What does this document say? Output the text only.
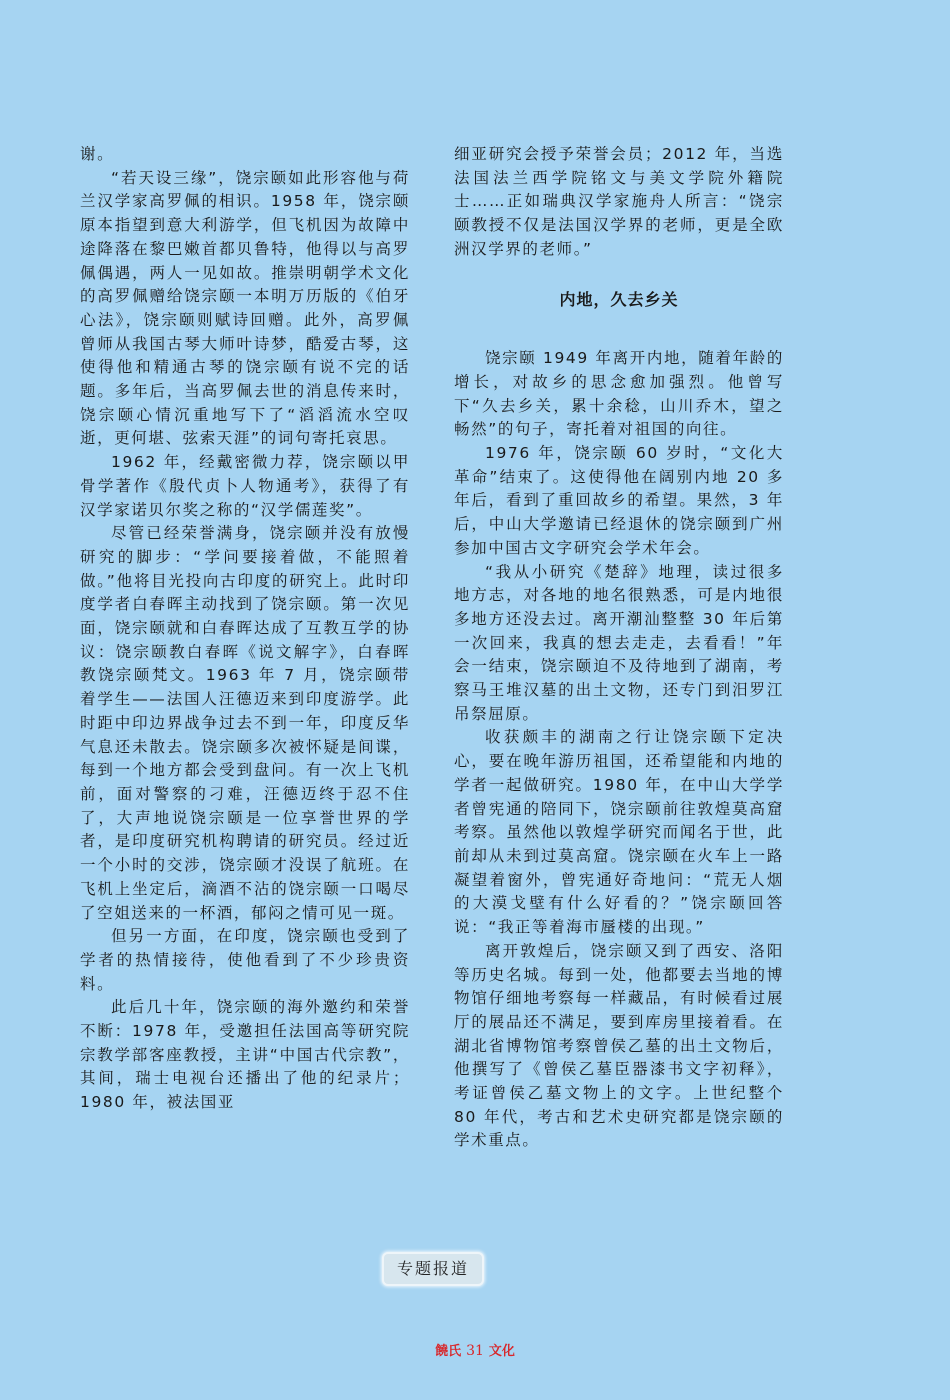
谢。

“若天设三缘”，饶宗颐如此形容他与荷兰汉学家高罗佩的相识。1958 年，饶宗颐原本指望到意大利游学，但飞机因为故障中途降落在黎巴嫩首都贝鲁特，他得以与高罗佩偶遇，两人一见如故。推崇明朝学术文化的高罗佩赠给饶宗颐一本明万历版的《伯牙心法》，饶宗颐则赋诗回赠。此外，高罗佩曾师从我国古琴大师叶诗梦，酷爱古琴，这使得他和精通古琴的饶宗颐有说不完的话题。多年后，当高罗佩去世的消息传来时，饶宗颐心情沉重地写下了“滔滔流水空叹逝，更何堪、弦索天涯”的词句寄托哀思。

1962 年，经戴密微力荐，饶宗颐以甲骨学著作《殷代贞卜人物通考》，获得了有汉学家诺贝尔奖之称的“汉学儒莲奖”。

尽管已经荣誉满身，饶宗颐并没有放慢研究的脚步：“学问要接着做，不能照着做。”他将目光投向古印度的研究上。此时印度学者白春晖主动找到了饶宗颐。第一次见面，饶宗颐就和白春晖达成了互教互学的协议：饶宗颐教白春晖《说文解字》，白春晖教饶宗颐梵文。1963 年 7 月，饶宗颐带着学生——法国人汪德迈来到印度游学。此时距中印边界战争过去不到一年，印度反华气息还未散去。饶宗颐多次被怀疑是间谍，每到一个地方都会受到盘问。有一次上飞机前，面对警察的刁难，汪德迈终于忍不住了，大声地说饶宗颐是一位享誉世界的学者，是印度研究机构聘请的研究员。经过近一个小时的交涉，饶宗颐才没误了航班。在飞机上坐定后，滴酒不沾的饶宗颐一口喝尽了空姐送来的一杯酒，郁闷之情可见一斑。

但另一方面，在印度，饶宗颐也受到了学者的热情接待，使他看到了不少珍贵资料。

此后几十年，饶宗颐的海外邀约和荣誉不断：1978 年，受邀担任法国高等研究院宗教学部客座教授，主讲“中国古代宗教”，其间，瑞士电视台还播出了他的纪录片；1980 年，被法国亚

细亚研究会授予荣誉会员；2012 年，当选法国法兰西学院铭文与美文学院外籍院士……正如瑞典汉学家施舟人所言：“饶宗颐教授不仅是法国汉学界的老师，更是全欧洲汉学界的老师。”

内地，久去乡关

饶宗颐 1949 年离开内地，随着年龄的增长，对故乡的思念愈加强烈。他曾写下“久去乡关，累十余稔，山川乔木，望之畅然”的句子，寄托着对祖国的向往。

1976 年，饶宗颐 60 岁时，“文化大革命”结束了。这使得他在阔别内地 20 多年后，看到了重回故乡的希望。果然，3 年后，中山大学邀请已经退休的饶宗颐到广州参加中国古文字研究会学术年会。

“我从小研究《楚辞》地理，读过很多地方志，对各地的地名很熟悉，可是内地很多地方还没去过。离开潮汕整整 30 年后第一次回来，我真的想去走走，去看看！”年会一结束，饶宗颐迫不及待地到了湖南，考察马王堆汉墓的出土文物，还专门到汨罗江吊祭屈原。

收获颇丰的湖南之行让饶宗颐下定决心，要在晚年游历祖国，还希望能和内地的学者一起做研究。1980 年，在中山大学学者曾宪通的陪同下，饶宗颐前往敦煌莫高窟考察。虽然他以敦煌学研究而闻名于世，此前却从未到过莫高窟。饶宗颐在火车上一路凝望着窗外，曾宪通好奇地问：“荒无人烟的大漠戈壁有什么好看的？”饶宗颐回答说：“我正等着海市蜃楼的出现。”

离开敦煌后，饶宗颐又到了西安、洛阳等历史名城。每到一处，他都要去当地的博物馆仔细地考察每一样藏品，有时候看过展厅的展品还不满足，要到库房里接着看。在湖北省博物馆考察曾侯乙墓的出土文物后，他撰写了《曾侯乙墓臣器漆书文字初释》，考证曾侯乙墓文物上的文字。上世纪整个 80 年代，考古和艺术史研究都是饶宗颐的学术重点。

专题报道
饒氏 31 文化
